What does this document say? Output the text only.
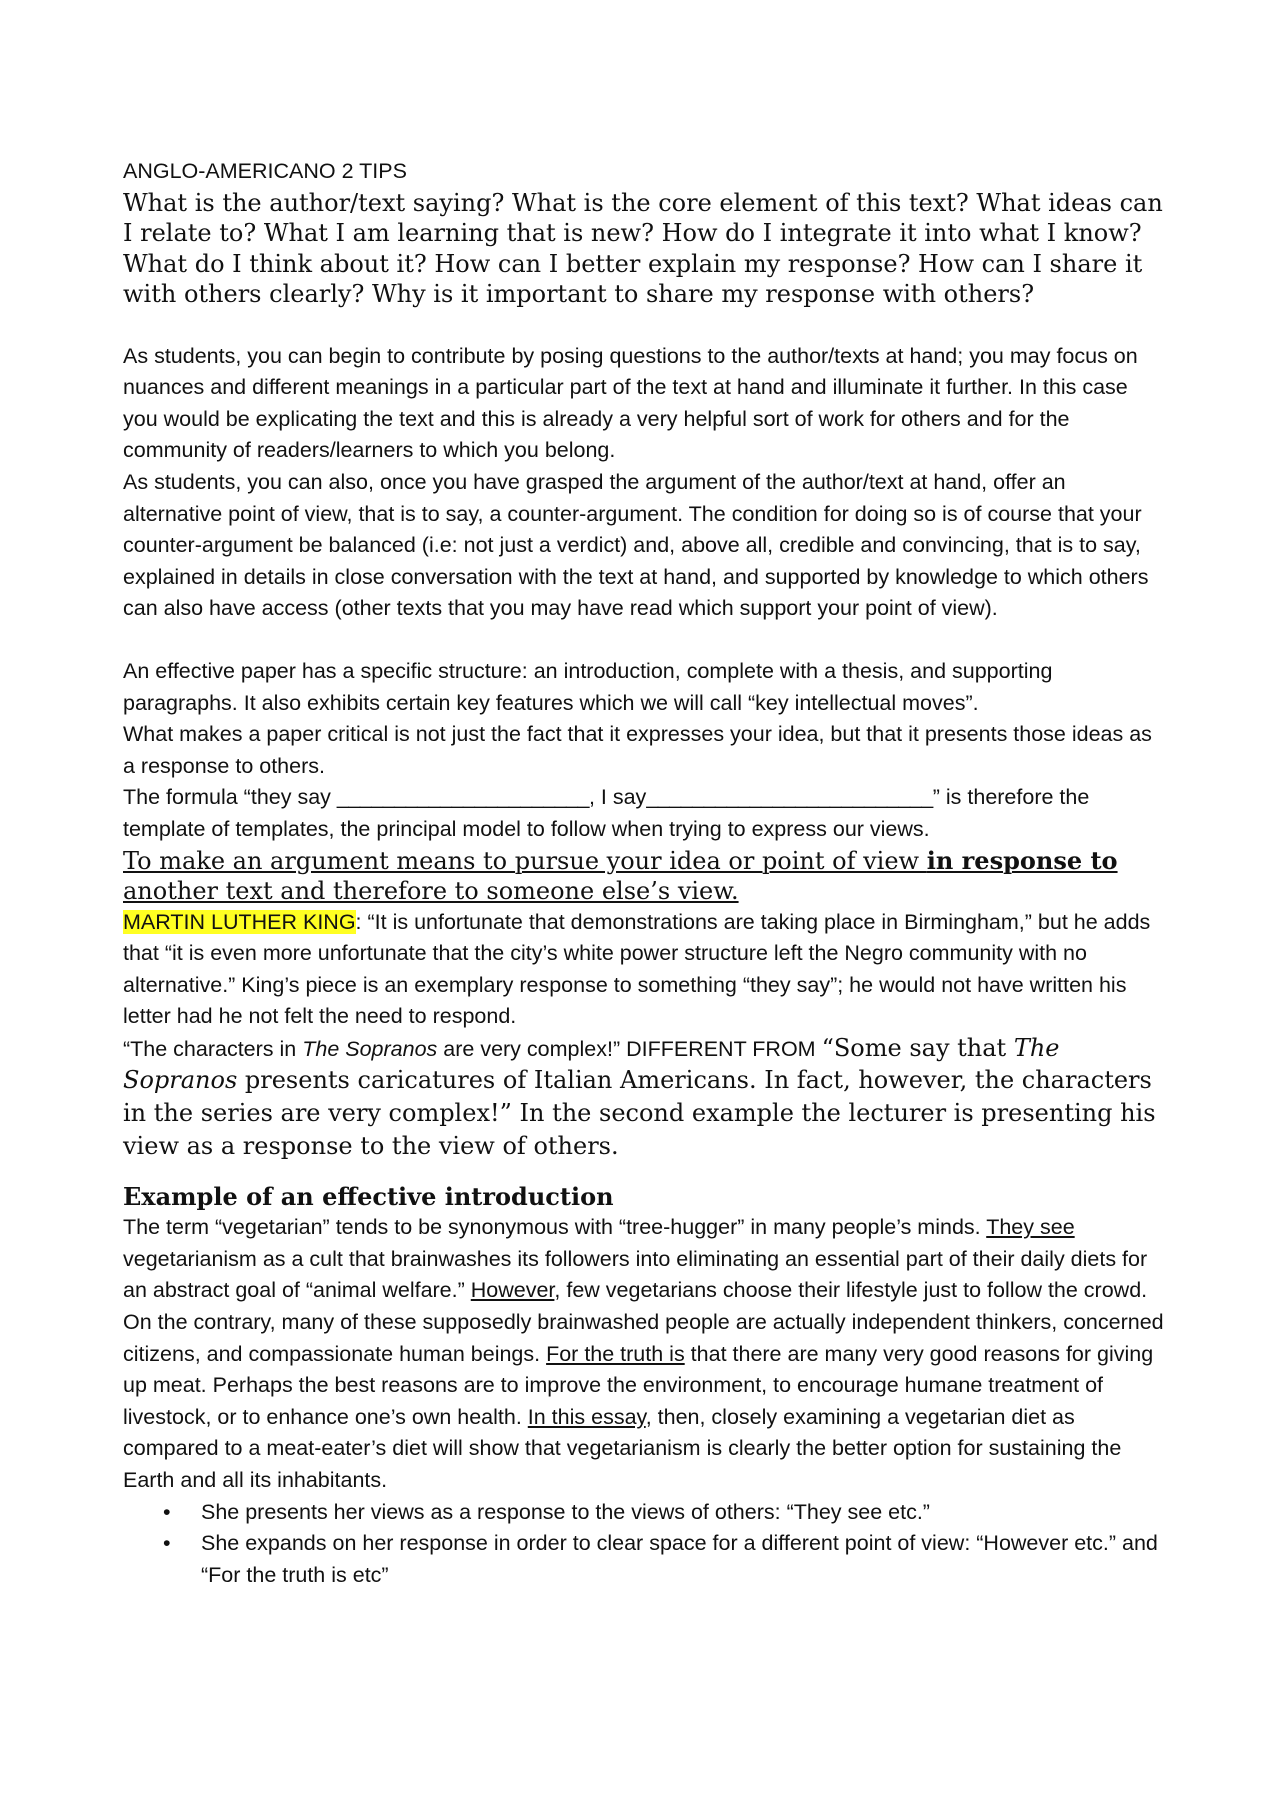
ANGLO-AMERICANO 2 TIPS

What is the author/text saying? What is the core element of this text? What ideas can I relate to? What I am learning that is new? How do I integrate it into what I know? What do I think about it? How can I better explain my response? How can I share it with others clearly? Why is it important to share my response with others?

As students, you can begin to contribute by posing questions to the author/texts at hand; you may focus on nuances and different meanings in a particular part of the text at hand and illuminate it further. In this case you would be explicating the text and this is already a very helpful sort of work for others and for the community of readers/learners to which you belong.

As students, you can also, once you have grasped the argument of the author/text at hand, offer an alternative point of view, that is to say, a counter-argument. The condition for doing so is of course that your counter-argument be balanced (i.e: not just a verdict) and, above all, credible and convincing, that is to say, explained in details in close conversation with the text at hand, and supported by knowledge to which others can also have access (other texts that you may have read which support your point of view).

An effective paper has a specific structure: an introduction, complete with a thesis, and supporting paragraphs. It also exhibits certain key features which we will call “key intellectual moves”.

What makes a paper critical is not just the fact that it expresses your idea, but that it presents those ideas as a response to others.

The formula “they say ______________________, I say_________________________” is therefore the template of templates, the principal model to follow when trying to express our views.

To make an argument means to pursue your idea or point of view in response to another text and therefore to someone else’s view.

MARTIN LUTHER KING: “It is unfortunate that demonstrations are taking place in Birmingham,” but he adds that “it is even more unfortunate that the city’s white power structure left the Negro community with no alternative.” King’s piece is an exemplary response to something “they say”; he would not have written his letter had he not felt the need to respond.

“The characters in The Sopranos are very complex!” DIFFERENT FROM “Some say that The Sopranos presents caricatures of Italian Americans. In fact, however, the characters in the series are very complex!” In the second example the lecturer is presenting his view as a response to the view of others.

Example of an effective introduction

The term “vegetarian” tends to be synonymous with “tree-hugger” in many people’s minds. They see vegetarianism as a cult that brainwashes its followers into eliminating an essential part of their daily diets for an abstract goal of “animal welfare.” However, few vegetarians choose their lifestyle just to follow the crowd. On the contrary, many of these supposedly brainwashed people are actually independent thinkers, concerned citizens, and compassionate human beings. For the truth is that there are many very good reasons for giving up meat. Perhaps the best reasons are to improve the environment, to encourage humane treatment of livestock, or to enhance one’s own health. In this essay, then, closely examining a vegetarian diet as compared to a meat-eater’s diet will show that vegetarianism is clearly the better option for sustaining the Earth and all its inhabitants.

• She presents her views as a response to the views of others: “They see etc.”
• She expands on her response in order to clear space for a different point of view: “However etc.” and “For the truth is etc”
